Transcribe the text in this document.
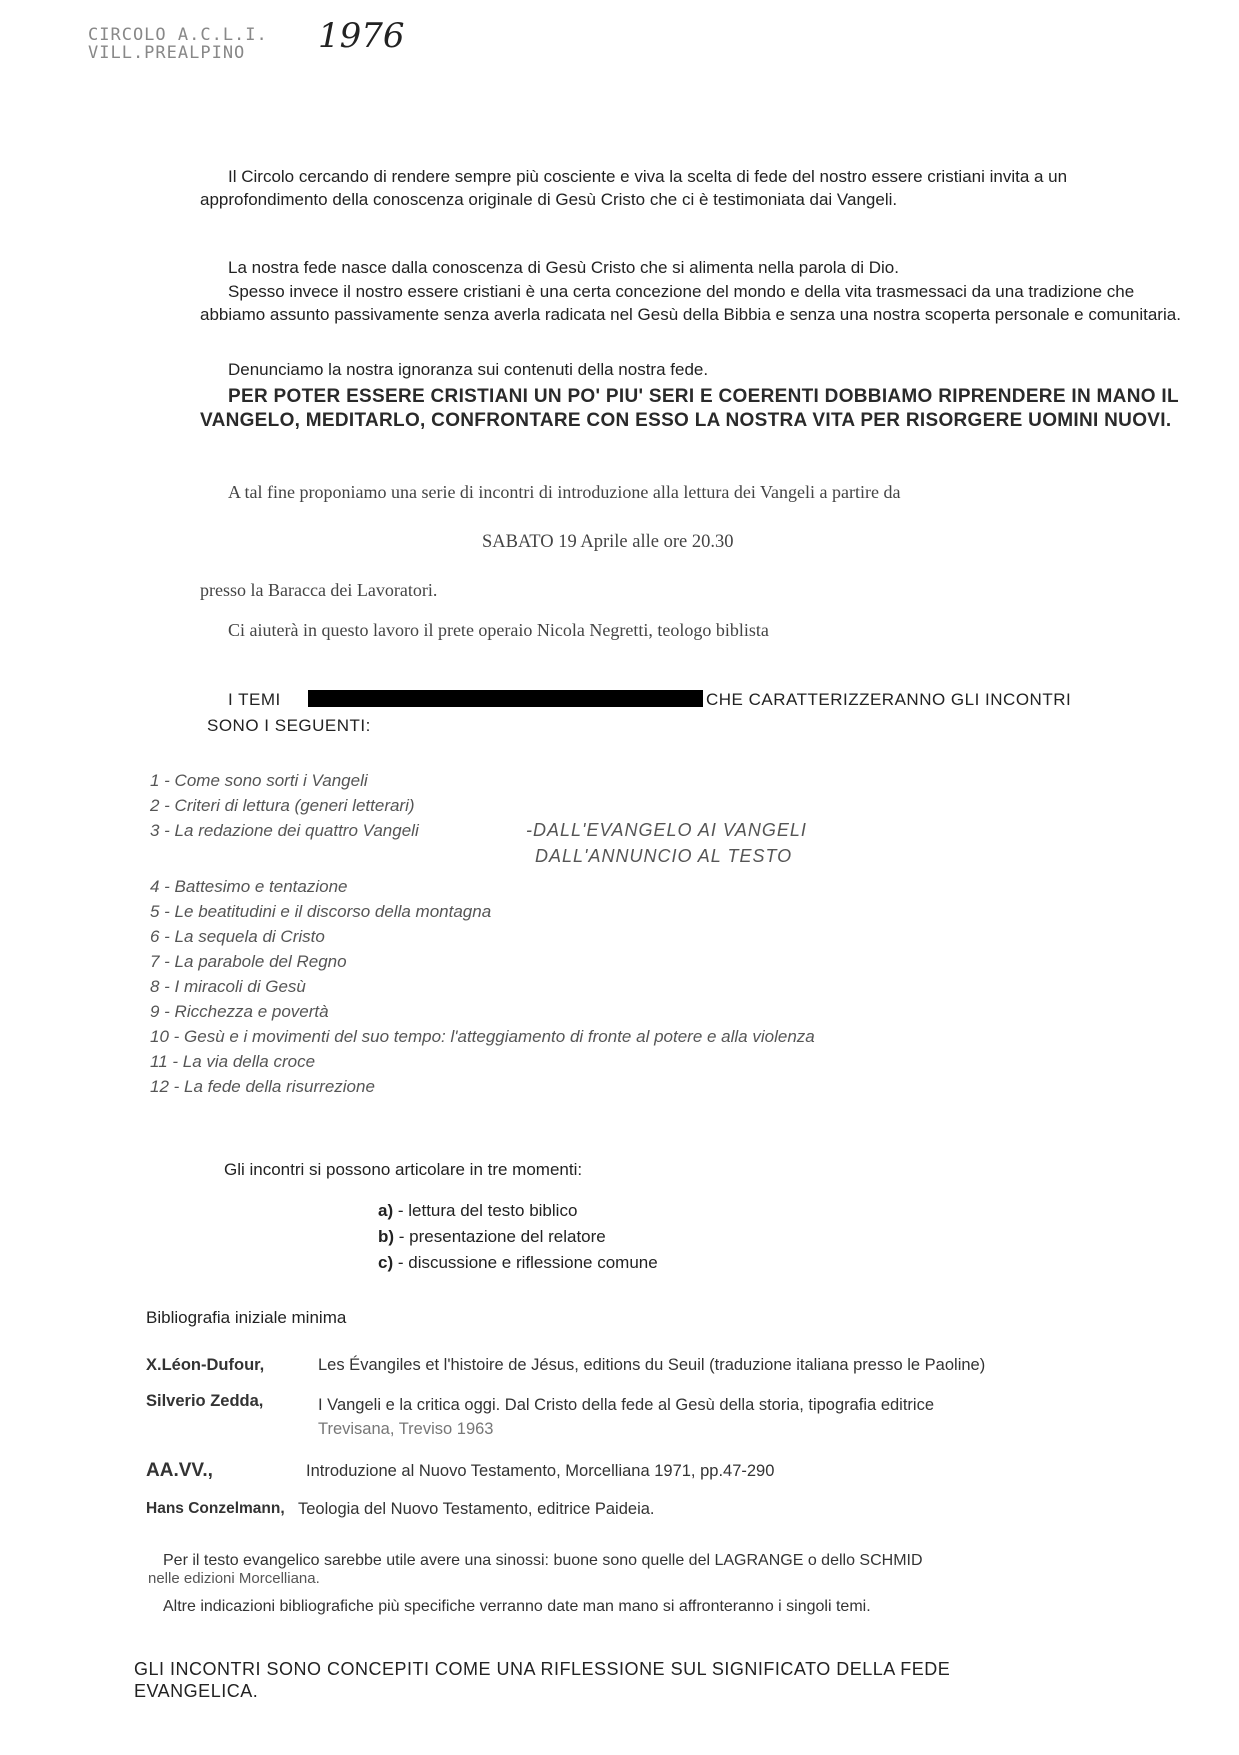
CIRCOLO A.C.L.I.
VILL.PREALPINO	1976
Il Circolo cercando di rendere sempre più cosciente e viva la scelta di fede del nostro essere cristiani invita a un approfondimento della conoscenza originale di Gesù Cristo che ci è testimoniata dai Vangeli.
La nostra fede nasce dalla conoscenza di Gesù Cristo che si alimenta nella parola di Dio.
Spesso invece il nostro essere cristiani è una certa concezione del mondo e della vita trasmessaci da una tradizione che abbiamo assunto passivamente senza averla radicata nel Gesù della Bibbia e senza una nostra scoperta personale e comunitaria.
Denunciamo la nostra ignoranza sui contenuti della nostra fede.
PER POTER ESSERE CRISTIANI UN PO' PIU' SERI E COERENTI DOBBIAMO RIPRENDERE IN MANO IL VANGELO, MEDITARLO, CONFRONTARE CON ESSO LA NOSTRA VITA PER RISORGERE UOMINI NUOVI.
A tal fine proponiamo una serie di incontri di introduzione alla lettura dei Vangeli a partire da
SABATO 19 Aprile alle ore 20.30
presso la Baracca dei Lavoratori.
Ci aiuterà in questo lavoro il prete operaio Nicola Negretti, teologo biblista
I TEMI	CHE CARATTERIZZERANNO GLI INCONTRI
SONO I SEGUENTI:
1 - Come sono sorti i Vangeli
2 - Criteri di lettura (generi letterari)
3 - La redazione dei quattro Vangeli
4 - Battesimo e tentazione
5 - Le beatitudini e il discorso della montagna
6 - La sequela di Cristo
7 - La parabole del Regno
8 - I miracoli di Gesù
9 - Ricchezza e povertà
10 - Gesù e i movimenti del suo tempo: l'atteggiamento di fronte al potere e alla violenza
11 - La via della croce
12 - La fede della risurrezione
-DALL'EVANGELO AI VANGELI
DALL'ANNUNCIO AL TESTO
Gli incontri si possono articolare in tre momenti:
a) - lettura del testo biblico
b) - presentazione del relatore
c) - discussione e riflessione comune
Bibliografia iniziale minima
X.Léon-Dufour,	Les Évangiles et l'histoire de Jésus, editions du Seuil (traduzione italiana presso le Paoline)
Silverio Zedda,	I Vangeli e la critica oggi. Dal Cristo della fede al Gesù della storia, tipografia editrice
Trevisana, Treviso 1963
AA.VV.,	Introduzione al Nuovo Testamento, Morcelliana 1971, pp.47-290
Hans Conzelmann, Teologia del Nuovo Testamento, editrice Paideia.
Per il testo evangelico sarebbe utile avere una sinossi: buone sono quelle del LAGRANGE o dello SCHMID
nelle edizioni Morcelliana.
Altre indicazioni bibliografiche più specifiche verranno date man mano si affronteranno i singoli temi.
GLI INCONTRI SONO CONCEPITI COME UNA RIFLESSIONE SUL SIGNIFICATO DELLA FEDE
EVANGELICA.
